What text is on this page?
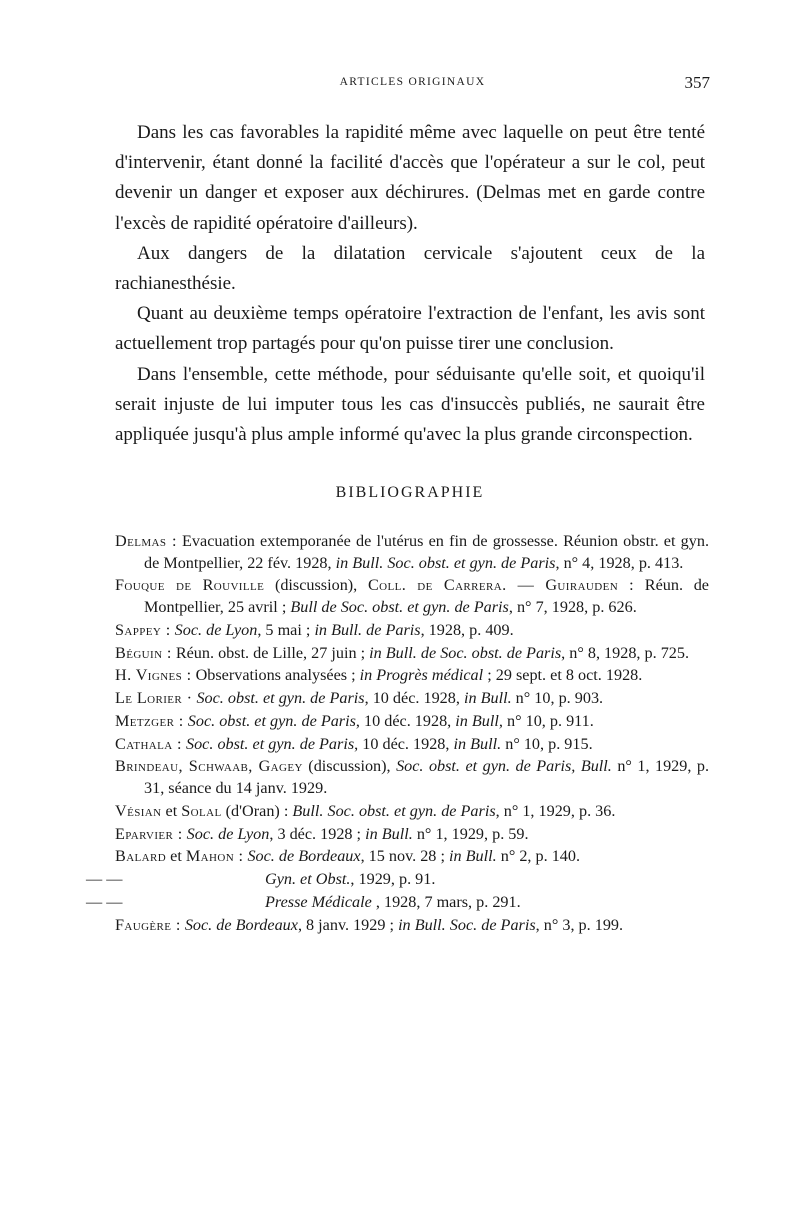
ARTICLES ORIGINAUX	357

Dans les cas favorables la rapidité même avec laquelle on peut être tenté d'intervenir, étant donné la facilité d'accès que l'opérateur a sur le col, peut devenir un danger et exposer aux déchirures. (Delmas met en garde contre l'excès de rapidité opératoire d'ailleurs).

Aux dangers de la dilatation cervicale s'ajoutent ceux de la rachianesthésie.

Quant au deuxième temps opératoire l'extraction de l'enfant, les avis sont actuellement trop partagés pour qu'on puisse tirer une conclusion.

Dans l'ensemble, cette méthode, pour séduisante qu'elle soit, et quoiqu'il serait injuste de lui imputer tous les cas d'insuccès publiés, ne saurait être appliquée jusqu'à plus ample informé qu'avec la plus grande circonspection.

BIBLIOGRAPHIE
Delmas : Evacuation extemporanée de l'utérus en fin de grossesse. Réunion obstr. et gyn. de Montpellier, 22 fév. 1928, in Bull. Soc. obst. et gyn. de Paris, n° 4, 1928, p. 413.
Fouque de Rouville (discussion), Coll. de Carrera. — Guirauden : Réun. de Montpellier, 25 avril ; Bull de Soc. obst. et gyn. de Paris, n° 7, 1928, p. 626.
Sappey : Soc. de Lyon, 5 mai ; in Bull. de Paris, 1928, p. 409.
Béguin : Réun. obst. de Lille, 27 juin ; in Bull. de Soc. obst. de Paris, n° 8, 1928, p. 725.
H. Vignes : Observations analysées ; in Progrès médical ; 29 sept. et 8 oct. 1928.
Le Lorier · Soc. obst. et gyn. de Paris, 10 déc. 1928, in Bull. n° 10, p. 903.
Metzger : Soc. obst. et gyn. de Paris, 10 déc. 1928, in Bull, n° 10, p. 911.
Cathala : Soc. obst. et gyn. de Paris, 10 déc. 1928, in Bull. n° 10, p. 915.
Brindeau, Schwaab, Gagey (discussion), Soc. obst. et gyn. de Paris, Bull. n° 1, 1929, p. 31, séance du 14 janv. 1929.
Vésian et Solal (d'Oran) : Bull. Soc. obst. et gyn. de Paris, n° 1, 1929, p. 36.
Eparvier : Soc. de Lyon, 3 déc. 1928 ; in Bull. n° 1, 1929, p. 59.
Balard et Mahon : Soc. de Bordeaux, 15 nov. 28 ; in Bull. n° 2, p. 140.
— —	Gyn. et Obst., 1929, p. 91.
— —	Presse Médicale , 1928, 7 mars, p. 291.
Faugère : Soc. de Bordeaux, 8 janv. 1929 ; in Bull. Soc. de Paris, n° 3, p. 199.
